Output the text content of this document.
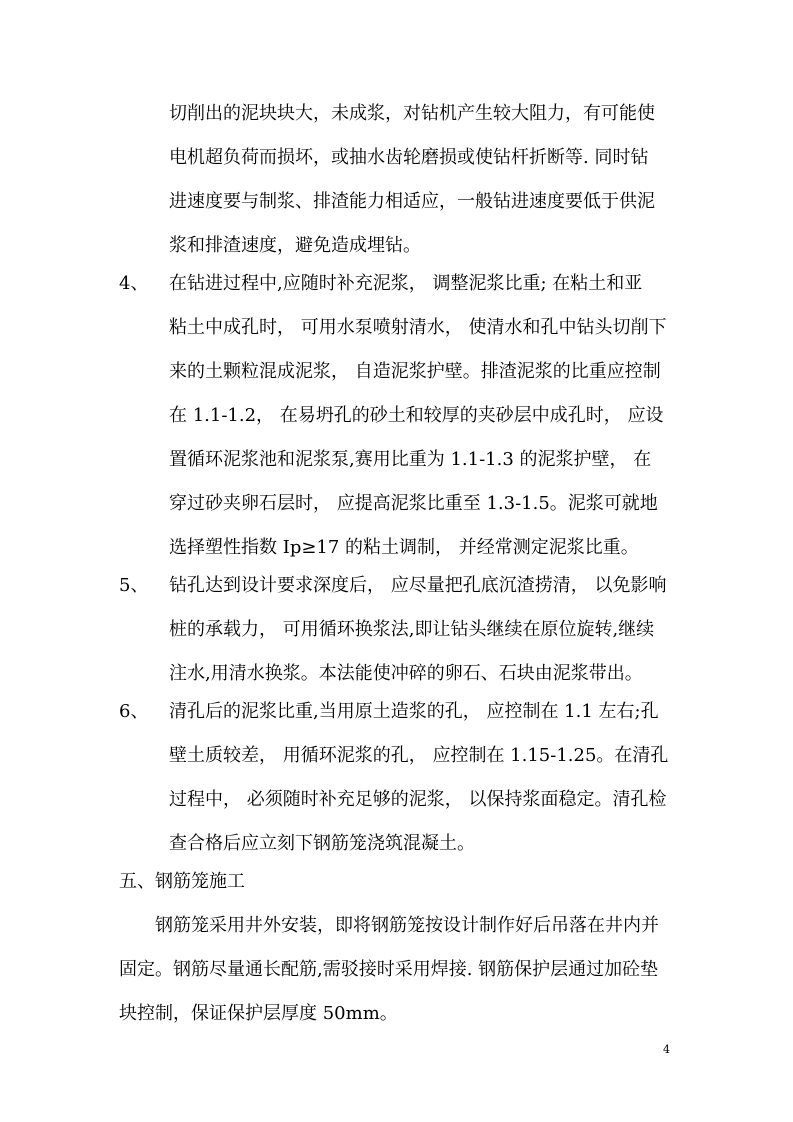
切削出的泥块块大，未成浆，对钻机产生较大阻力，有可能使
电机超负荷而损坏，或抽水齿轮磨损或使钻杆折断等. 同时钻
进速度要与制浆、排渣能力相适应，一般钻进速度要低于供泥
浆和排渣速度，避免造成埋钻。
4、 在钻进过程中,应随时补充泥浆， 调整泥浆比重; 在粘土和亚
粘土中成孔时， 可用水泵喷射清水， 使清水和孔中钻头切削下
来的土颗粒混成泥浆， 自造泥浆护壁。排渣泥浆的比重应控制
在 1.1-1.2， 在易坍孔的砂土和较厚的夹砂层中成孔时， 应设
置循环泥浆池和泥浆泵,赛用比重为 1.1-1.3 的泥浆护壁， 在
穿过砂夹卵石层时， 应提高泥浆比重至 1.3-1.5。泥浆可就地
选择塑性指数 Ip≥17 的粘土调制， 并经常测定泥浆比重。
5、 钻孔达到设计要求深度后， 应尽量把孔底沉渣捞清， 以免影响
桩的承载力， 可用循环换浆法,即让钻头继续在原位旋转,继续
注水,用清水换浆。本法能使冲碎的卵石、石块由泥浆带出。
6、 清孔后的泥浆比重,当用原土造浆的孔， 应控制在 1.1 左右;孔
壁土质较差， 用循环泥浆的孔， 应控制在 1.15-1.25。在清孔
过程中， 必须随时补充足够的泥浆， 以保持浆面稳定。清孔检
查合格后应立刻下钢筋笼浇筑混凝土。
五、钢筋笼施工
钢筋笼采用井外安装，即将钢筋笼按设计制作好后吊落在井内并
固定。钢筋尽量通长配筋,需驳接时采用焊接. 钢筋保护层通过加砼垫
块控制，保证保护层厚度 50mm。
4
